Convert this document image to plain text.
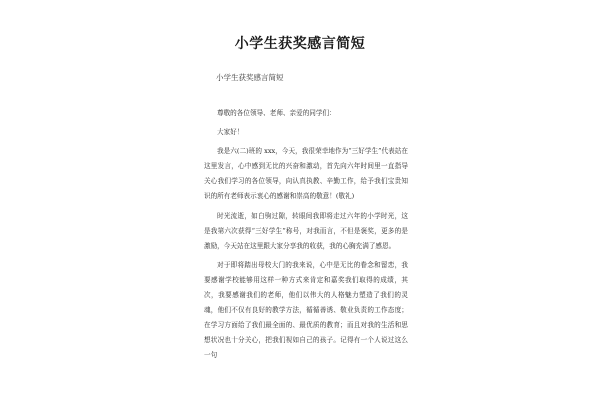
小学生获奖感言简短
小学生获奖感言简短

尊敬的各位领导、老师、亲爱的同学们：

大家好！

我是六(二)班的 xxx，今天，我很荣幸地作为“三好学生”代表站在这里发言，心中感到无比的兴奋和激动，首先向六年时间里一直指导关心我们学习的各位领导，向认真执教、辛勤工作，给予我们宝贵知识的所有老师表示衷心的感谢和崇高的敬意！(敬礼)

时光流逝，如白驹过隙，转眼间我即将走过六年的小学时光，这是我第六次获得“三好学生”称号，对我而言，不但是褒奖，更多的是激励，今天站在这里跟大家分享我的收获，我的心胸充满了感恩。

对于即将踏出母校大门的我来说，心中是无比的眷念和留恋，我要感谢学校能够用这样一种方式来肯定和嘉奖我们取得的成绩，其次，我要感谢我们的老师，他们以伟大的人格魅力塑造了我们的灵魂，他们不仅有良好的教学方法，循循善诱、敬业负责的工作态度；在学习方面给了我们最全面的、最优质的教育；而且对我的生活和思想状况也十分关心，把我们视如自己的孩子。记得有一个人说过这么一句
